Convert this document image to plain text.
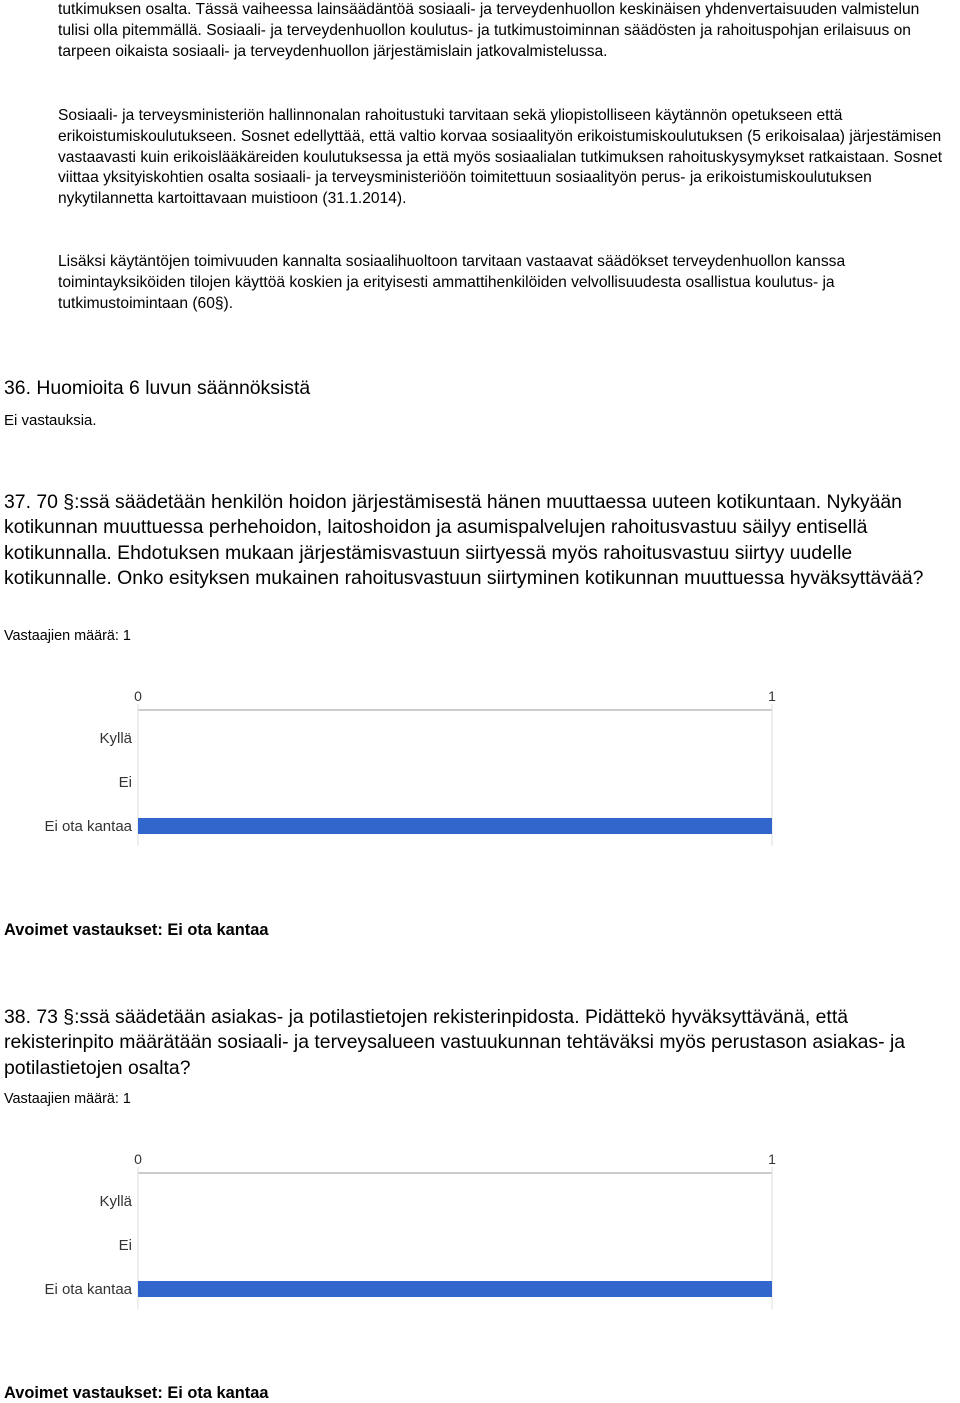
tutkimuksen osalta. Tässä vaiheessa lainsäädäntöä sosiaali- ja terveydenhuollon keskinäisen yhdenvertaisuuden valmistelun tulisi olla pitemmällä. Sosiaali- ja terveydenhuollon koulutus- ja tutkimustoiminnan säädösten ja rahoituspohjan erilaisuus on tarpeen oikaista sosiaali- ja terveydenhuollon järjestämislain jatkovalmistelussa.

Sosiaali- ja terveysministeriön hallinnonalan rahoitustuki tarvitaan sekä yliopistolliseen käytännön opetukseen että erikoistumiskoulutukseen. Sosnet edellyttää, että valtio korvaa sosiaalityön erikoistumiskoulutuksen (5 erikoisalaa) järjestämisen vastaavasti kuin erikoislääkäreiden koulutuksessa ja että myös sosiaalialan tutkimuksen rahoituskysymykset ratkaistaan. Sosnet viittaa yksityiskohtien osalta sosiaali- ja terveysministeriöön toimitettuun sosiaalityön perus- ja erikoistumiskoulutuksen nykytilannetta kartoittavaan muistioon (31.1.2014).

Lisäksi käytäntöjen toimivuuden kannalta sosiaalihuoltoon tarvitaan vastaavat säädökset terveydenhuollon kanssa toimintayksiköiden tilojen käyttöä koskien ja erityisesti ammattihenkilöiden velvollisuudesta osallistua koulutus- ja tutkimustoimintaan (60§).

36. Huomioita 6 luvun säännöksistä

Ei vastauksia.

37. 70 §:ssä säädetään henkilön hoidon järjestämisestä hänen muuttaessa uuteen kotikuntaan. Nykyään kotikunnan muuttuessa perhehoidon, laitoshoidon ja asumispalvelujen rahoitusvastuu säilyy entisellä kotikunnalla. Ehdotuksen mukaan järjestämisvastuun siirtyessä myös rahoitusvastuu siirtyy uudelle kotikunnalle. Onko esityksen mukainen rahoitusvastuun siirtyminen kotikunnan muuttuessa hyväksyttävää?

Vastaajien määrä: 1

0	1
Kyllä
Ei
Ei ota kantaa

Avoimet vastaukset: Ei ota kantaa

38. 73 §:ssä säädetään asiakas- ja potilastietojen rekisterinpidosta. Pidättekö hyväksyttävänä, että rekisterinpito määrätään sosiaali- ja terveysalueen vastuukunnan tehtäväksi myös perustason asiakas- ja potilastietojen osalta?

Vastaajien määrä: 1

0	1
Kyllä
Ei
Ei ota kantaa

Avoimet vastaukset: Ei ota kantaa
